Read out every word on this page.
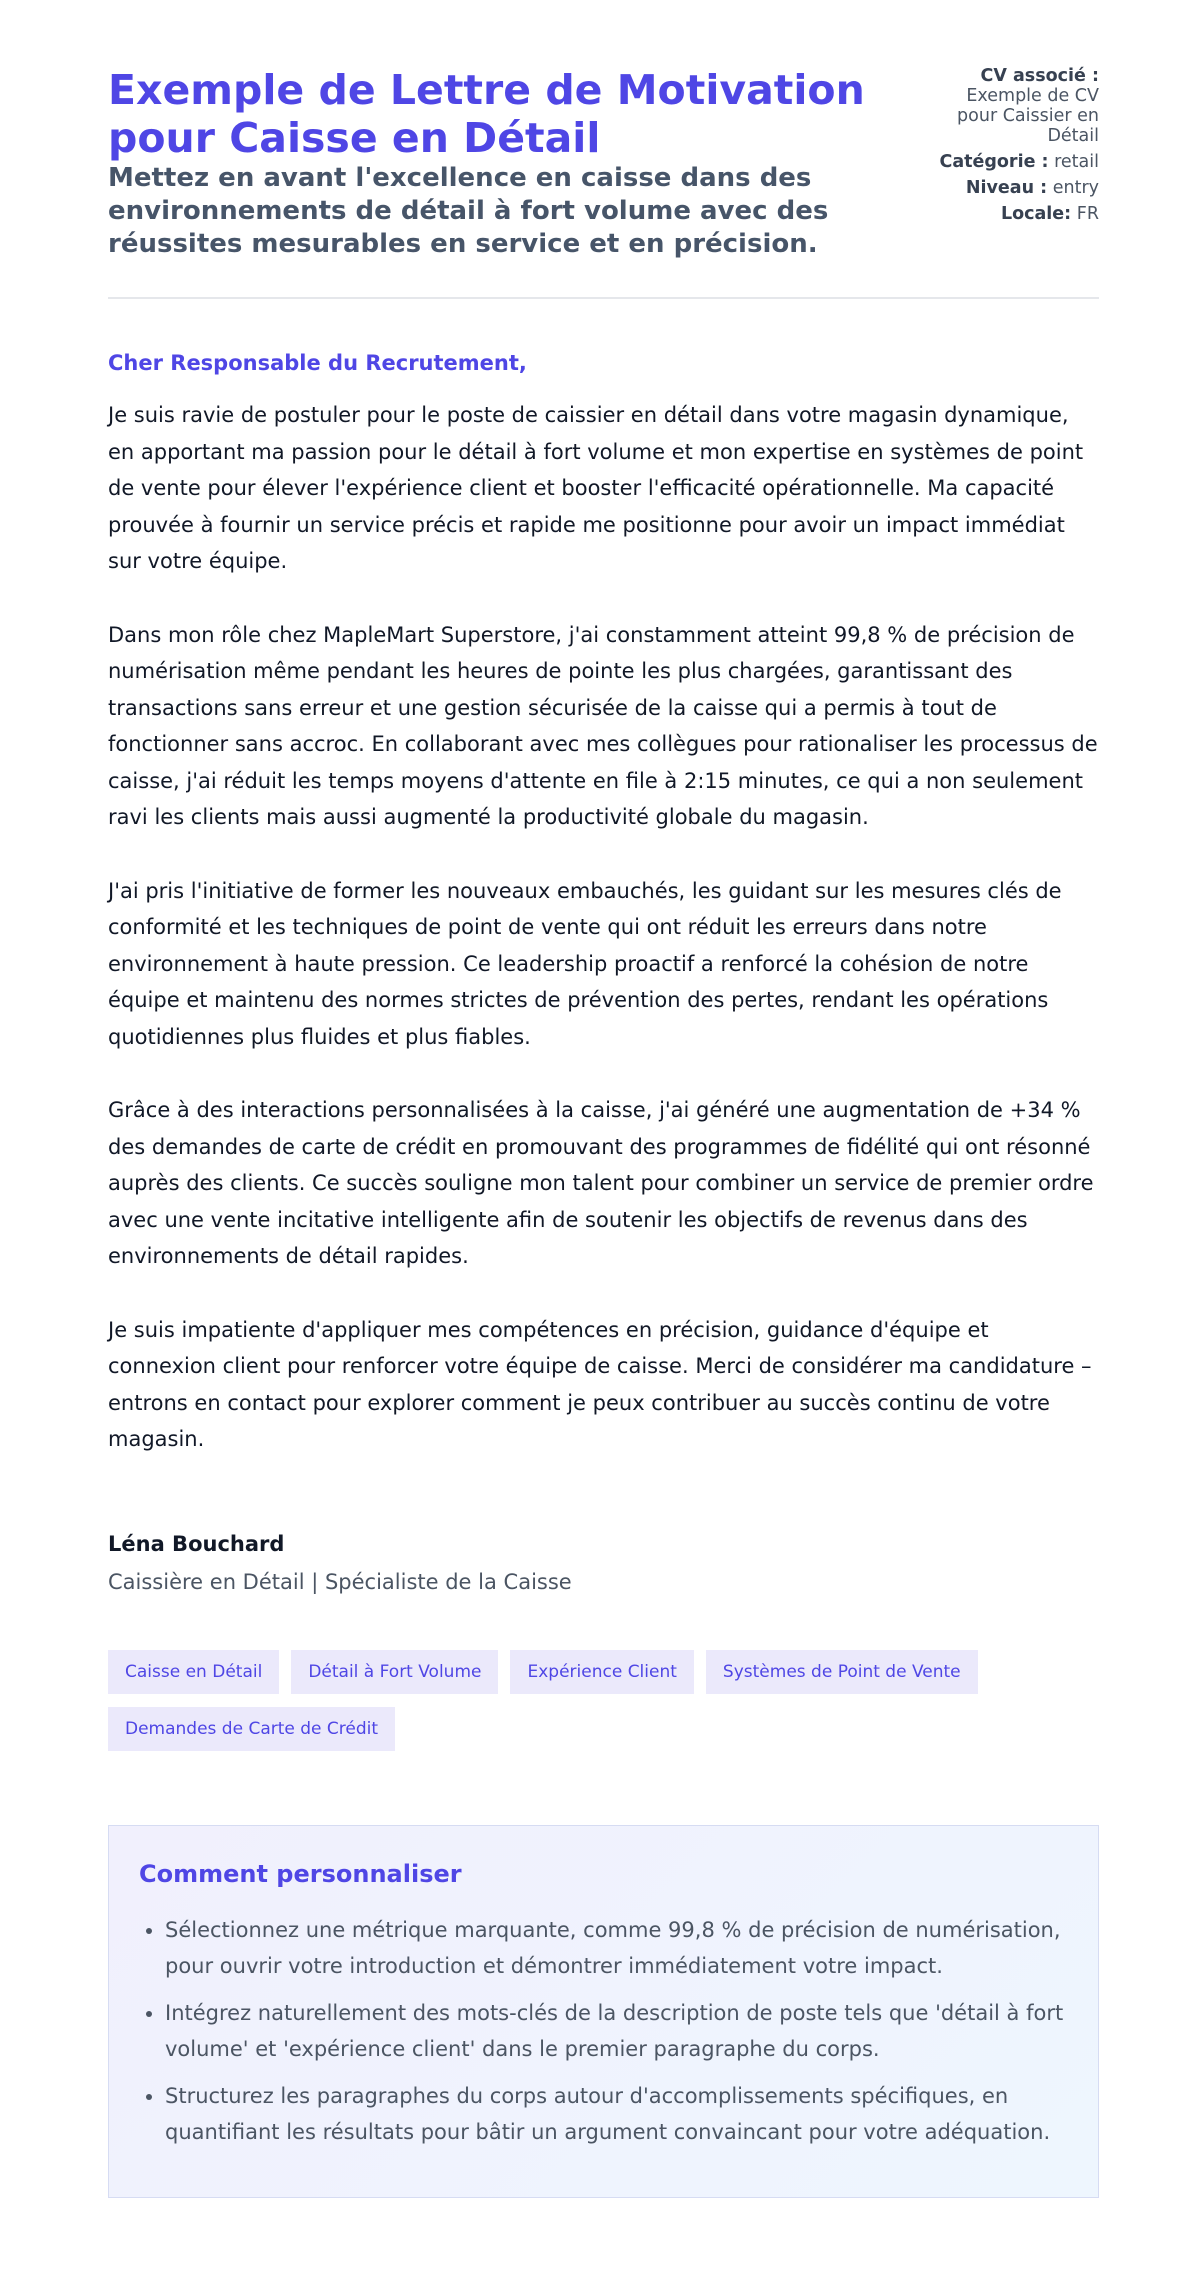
Exemple de Lettre de Motivation pour Caisse en Détail
Mettez en avant l'excellence en caisse dans des environnements de détail à fort volume avec des réussites mesurables en service et en précision.
CV associé :
Exemple de CV pour Caissier en Détail
Catégorie : retail
Niveau : entry
Locale: FR
Cher Responsable du Recrutement,

Je suis ravie de postuler pour le poste de caissier en détail dans votre magasin dynamique, en apportant ma passion pour le détail à fort volume et mon expertise en systèmes de point de vente pour élever l'expérience client et booster l'efficacité opérationnelle. Ma capacité prouvée à fournir un service précis et rapide me positionne pour avoir un impact immédiat sur votre équipe.

Dans mon rôle chez MapleMart Superstore, j'ai constamment atteint 99,8 % de précision de numérisation même pendant les heures de pointe les plus chargées, garantissant des transactions sans erreur et une gestion sécurisée de la caisse qui a permis à tout de fonctionner sans accroc. En collaborant avec mes collègues pour rationaliser les processus de caisse, j'ai réduit les temps moyens d'attente en file à 2:15 minutes, ce qui a non seulement ravi les clients mais aussi augmenté la productivité globale du magasin.

J'ai pris l'initiative de former les nouveaux embauchés, les guidant sur les mesures clés de conformité et les techniques de point de vente qui ont réduit les erreurs dans notre environnement à haute pression. Ce leadership proactif a renforcé la cohésion de notre équipe et maintenu des normes strictes de prévention des pertes, rendant les opérations quotidiennes plus fluides et plus fiables.

Grâce à des interactions personnalisées à la caisse, j'ai généré une augmentation de +34 % des demandes de carte de crédit en promouvant des programmes de fidélité qui ont résonné auprès des clients. Ce succès souligne mon talent pour combiner un service de premier ordre avec une vente incitative intelligente afin de soutenir les objectifs de revenus dans des environnements de détail rapides.

Je suis impatiente d'appliquer mes compétences en précision, guidance d'équipe et connexion client pour renforcer votre équipe de caisse. Merci de considérer ma candidature – entrons en contact pour explorer comment je peux contribuer au succès continu de votre magasin.

Léna Bouchard
Caissière en Détail | Spécialiste de la Caisse
Caisse en Détail	Détail à Fort Volume	Expérience Client	Systèmes de Point de Vente
Demandes de Carte de Crédit
Comment personnaliser
• Sélectionnez une métrique marquante, comme 99,8 % de précision de numérisation, pour ouvrir votre introduction et démontrer immédiatement votre impact.
• Intégrez naturellement des mots-clés de la description de poste tels que 'détail à fort volume' et 'expérience client' dans le premier paragraphe du corps.
• Structurez les paragraphes du corps autour d'accomplissements spécifiques, en quantifiant les résultats pour bâtir un argument convaincant pour votre adéquation.
